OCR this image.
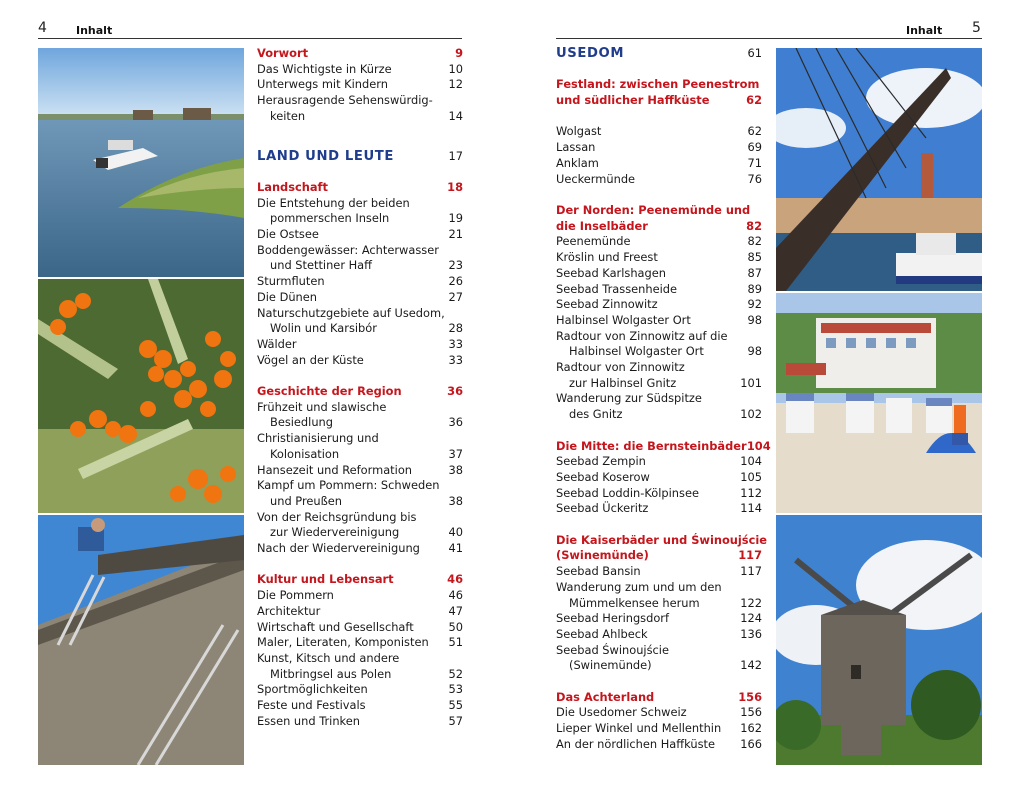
4	Inhalt	Inhalt 5
Vorwort	9
Das Wichtigste in Kürze	10
Unterwegs mit Kindern	12
Herausragende Sehenswürdig-
keiten	14
LAND UND LEUTE	17
Landschaft	18
Die Entstehung der beiden
pommerschen Inseln	19
Die Ostsee	21
Boddengewässer: Achterwasser
und Stettiner Haff	23
Sturmfluten	26
Die Dünen	27
Naturschutzgebiete auf Usedom,
Wolin und Karsibór	28
Wälder	33
Vögel an der Küste	33
Geschichte der Region	36
Frühzeit und slawische
Besiedlung	36
Christianisierung und
Kolonisation	37
Hansezeit und Reformation	38
Kampf um Pommern: Schweden
und Preußen	38
Von der Reichsgründung bis
zur Wiedervereinigung	40
Nach der Wiedervereinigung	41
Kultur und Lebensart	46
Die Pommern	46
Architektur	47
Wirtschaft und Gesellschaft	50
Maler, Literaten, Komponisten	51
Kunst, Kitsch und andere
Mitbringsel aus Polen	52
Sportmöglichkeiten	53
Feste und Festivals	55
Essen und Trinken	57
USEDOM	61
Festland: zwischen Peenestrom
und südlicher Haffküste	62
Wolgast	62
Lassan	69
Anklam	71
Ueckermünde	76
Der Norden: Peenemünde und
die Inselbäder	82
Peenemünde	82
Kröslin und Freest	85
Seebad Karlshagen	87
Seebad Trassenheide	89
Seebad Zinnowitz	92
Halbinsel Wolgaster Ort	98
Radtour von Zinnowitz auf die
Halbinsel Wolgaster Ort	98
Radtour von Zinnowitz
zur Halbinsel Gnitz	101
Wanderung zur Südspitze
des Gnitz	102
Die Mitte: die Bernsteinbäder 104
Seebad Zempin	104
Seebad Koserow	105
Seebad Loddin-Kölpinsee	112
Seebad Ückeritz	114
Die Kaiserbäder und Świnoujście
(Swinemünde)	117
Seebad Bansin	117
Wanderung zum und um den
Mümmelkensee herum	122
Seebad Heringsdorf	124
Seebad Ahlbeck	136
Seebad Świnoujście
(Swinemünde)	142
Das Achterland	156
Die Usedomer Schweiz	156
Lieper Winkel und Mellenthin 162
An der nördlichen Haffküste 166
